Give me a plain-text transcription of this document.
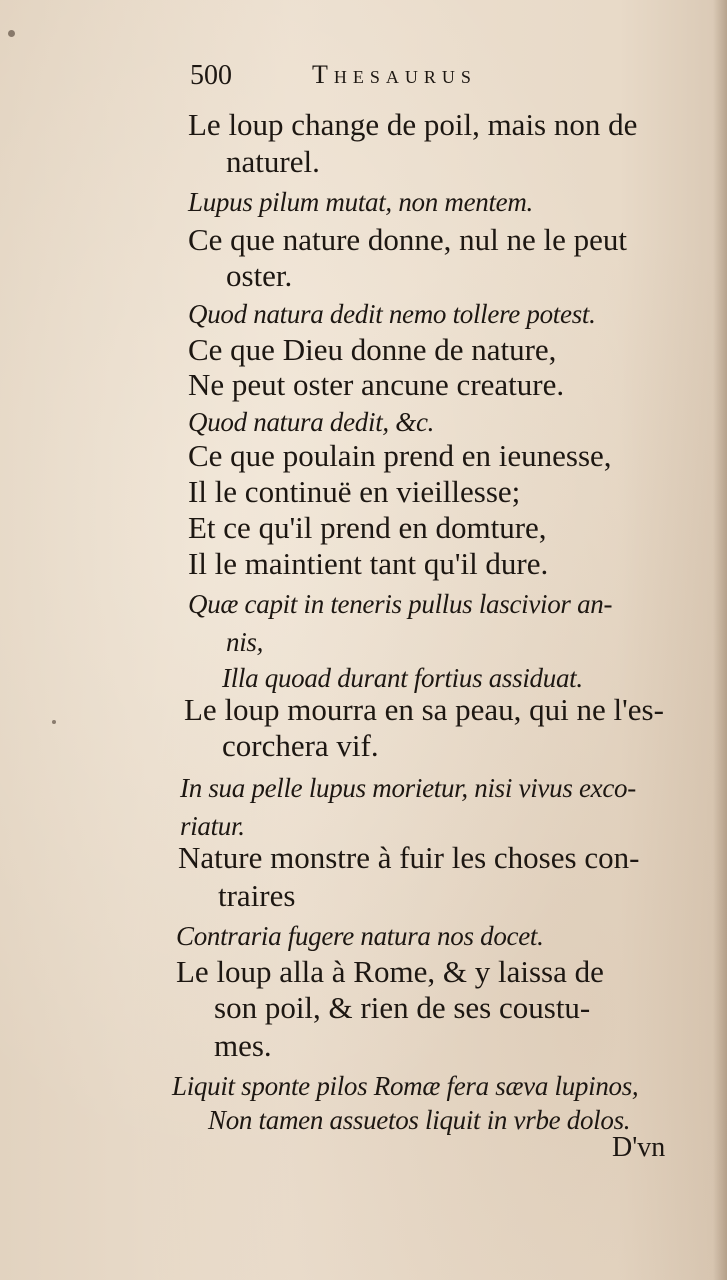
500	Thesaurus
Le loup change de poil, mais non de
naturel.
Lupus pilum mutat, non mentem.
Ce que nature donne, nul ne le peut
oster.
Quod natura dedit nemo tollere potest.
Ce que Dieu donne de nature,
Ne peut oster ancune creature.
Quod natura dedit, &c.
Ce que poulain prend en ieunesse,
Il le continuë en vieillesse;
Et ce qu'il prend en domture,
Il le maintient tant qu'il dure.
Quæ capit in teneris pullus lascivior an-
nis,
Illa quoad durant fortius assiduat.
Le loup mourra en sa peau, qui ne l'es-
corchera vif.
In sua pelle lupus morietur, nisi vivus exco-
riatur.
Nature monstre à fuir les choses con-
traires
Contraria fugere natura nos docet.
Le loup alla à Rome, & y laissa de
son poil, & rien de ses coustu-
mes.
Liquit sponte pilos Romæ fera sæva lupinos,
Non tamen assuetos liquit in vrbe dolos.
D'vn
